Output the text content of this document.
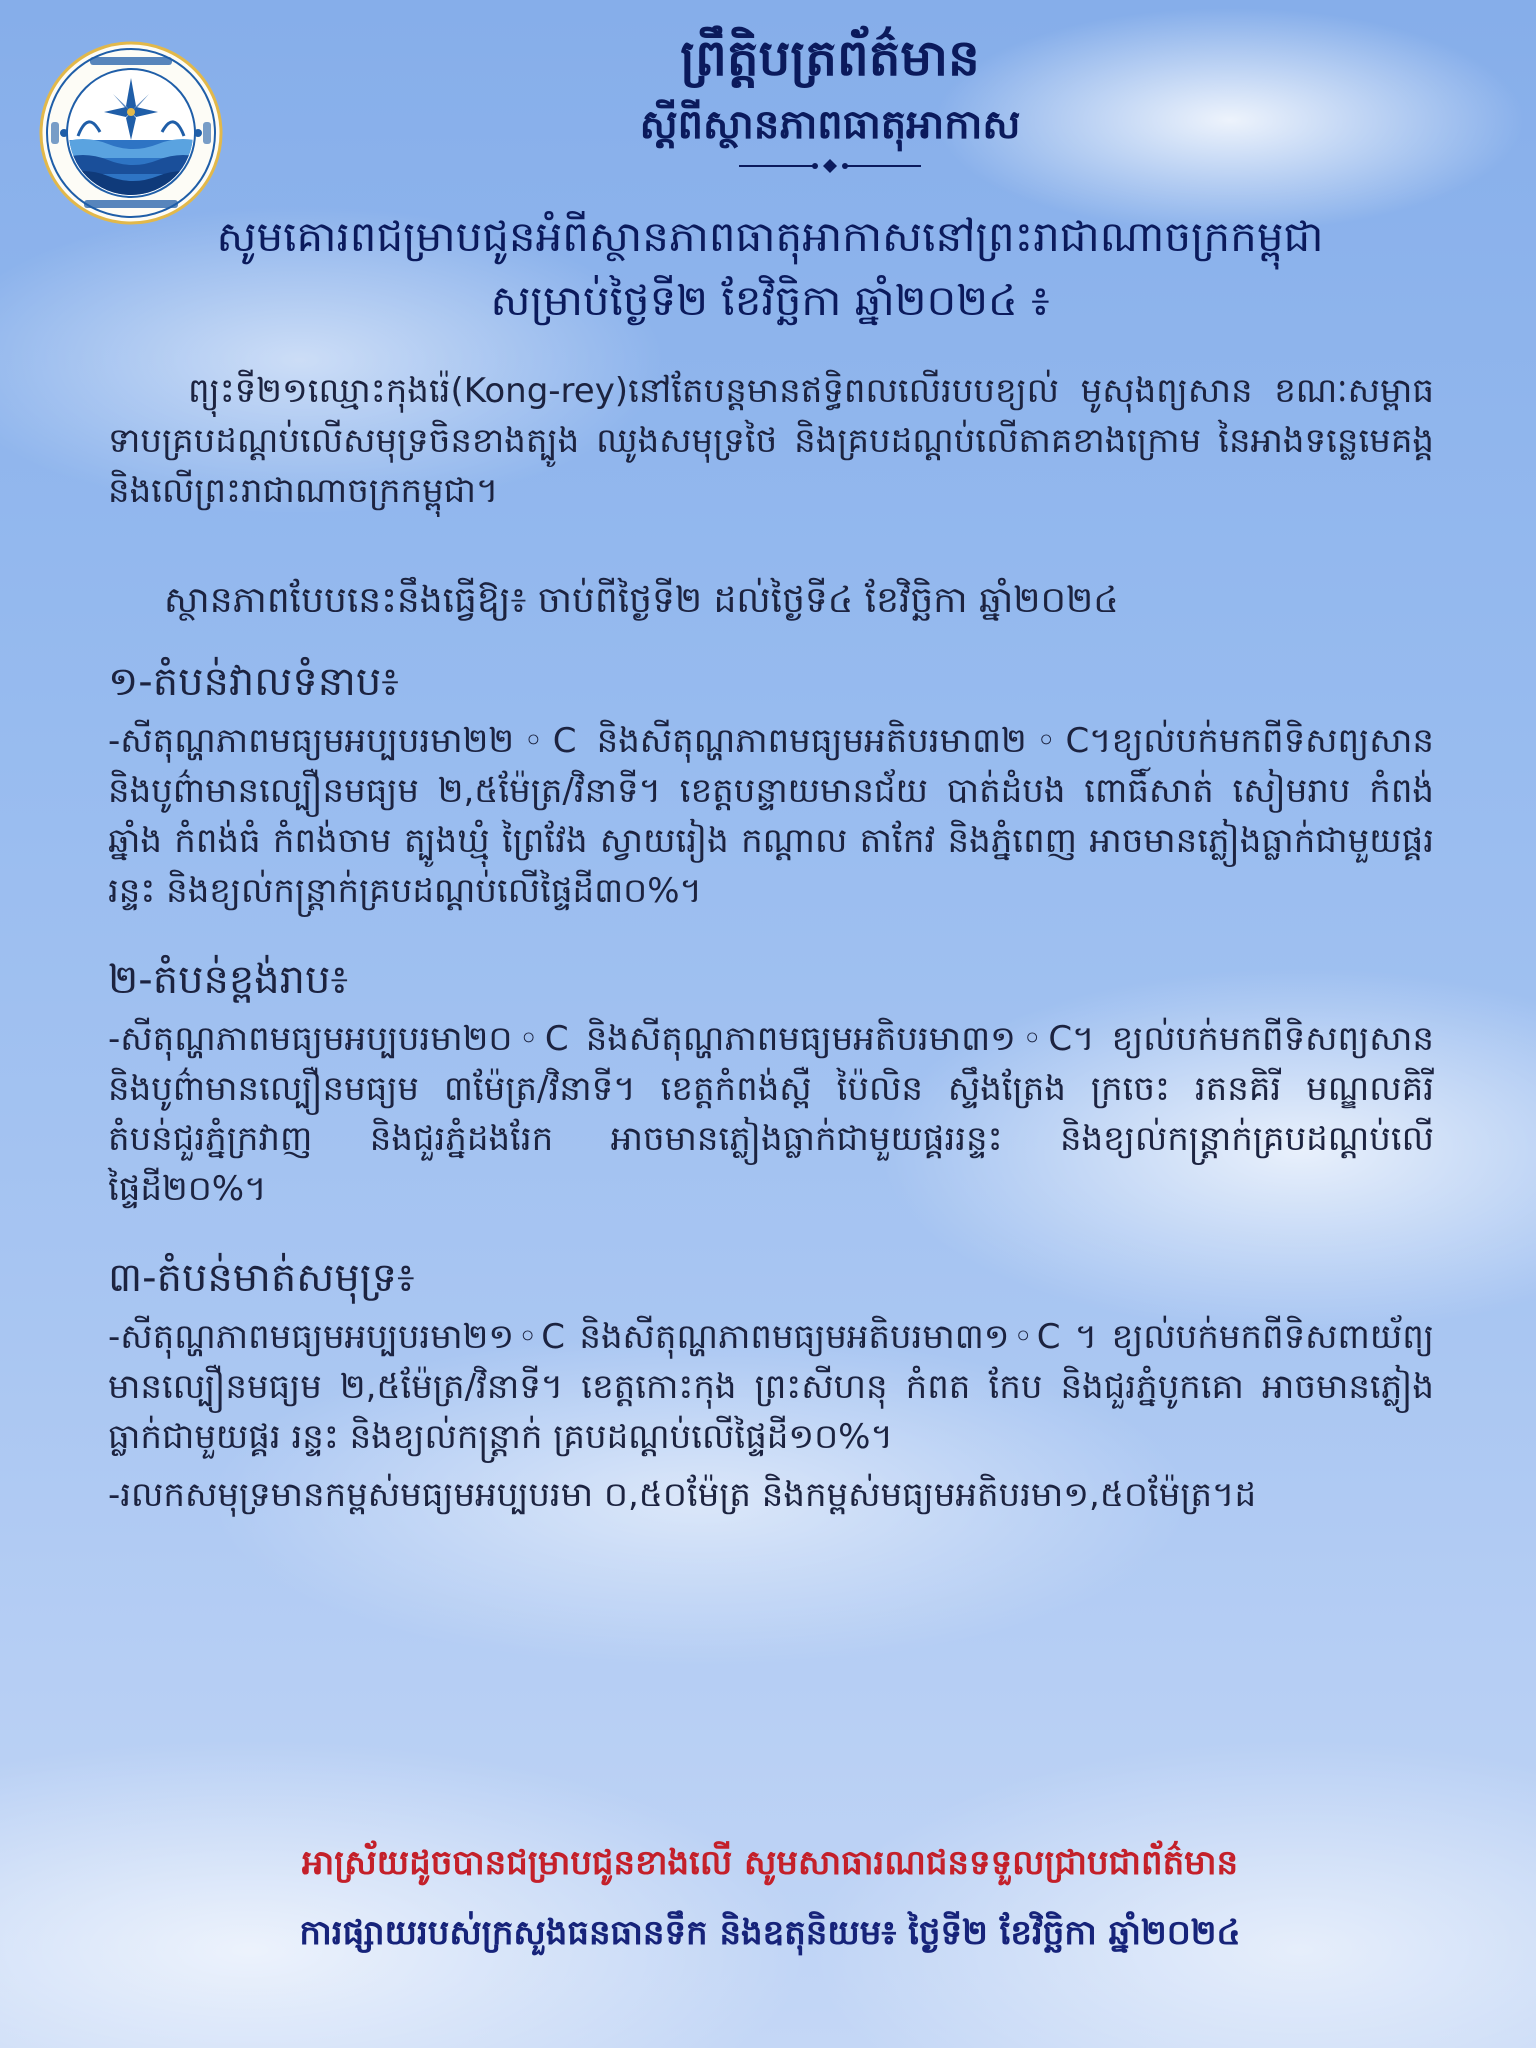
ព្រឹត្តិបត្រព័ត៌មាន
ស្តីពីស្ថានភាពធាតុអាកាស
សូមគោរពជម្រាបជូនអំពីស្ថានភាពធាតុអាកាសនៅព្រះរាជាណាចក្រកម្ពុជា
សម្រាប់ថ្ងៃទី២ ខែវិច្ឆិកា ឆ្នាំ២០២៤ ៖

ព្យុះទី២១ឈ្មោះកុងរ៉េ(Kong-rey)នៅតែបន្តមានឥទ្ធិពលលើរបបខ្យល់ មូសុងព្យសាន ខណៈសម្ពាធទាបគ្របដណ្តប់លើសមុទ្រចិនខាងត្បូង ឈូងសមុទ្រថៃ និងគ្របដណ្តប់លើតាគខាងក្រោម នៃអាងទន្លេមេគង្គ និងលើព្រះរាជាណាចក្រកម្ពុជា។

ស្ថានភាពបែបនេះនឹងធ្វើឱ្យ៖ ចាប់ពីថ្ងៃទី២ ដល់ថ្ងៃទី៤ ខែវិច្ឆិកា ឆ្នាំ២០២៤
១-តំបន់វាលទំនាប៖

-សីតុណ្ហភាពមធ្យមអប្បបរមា២២◦C និងសីតុណ្ហភាពមធ្យមអតិបរមា៣២◦C។ខ្យល់បក់មកពីទិសព្យសាន និងបូព៌ាមានល្បឿនមធ្យម ២,៥ម៉ែត្រ/វិនាទី។ ខេត្តបន្ទាយមានជ័យ បាត់ដំបង ពោធិ៍សាត់ សៀមរាប កំពង់ឆ្នាំង កំពង់ធំ កំពង់ចាម ត្បូងឃ្មុំ ព្រៃវែង ស្វាយរៀង កណ្តាល តាកែវ និងភ្នំពេញ អាចមានភ្លៀងធ្លាក់ជាមួយផ្គររន្ទះ និងខ្យល់កន្ត្រាក់គ្របដណ្តប់លើផ្ទៃដី៣០%។

២-តំបន់ខ្ពង់រាប៖

-សីតុណ្ហភាពមធ្យមអប្បបរមា២០◦C និងសីតុណ្ហភាពមធ្យមអតិបរមា៣១◦C។ ខ្យល់បក់មកពីទិសព្យសាន និងបូព៌ាមានល្បឿនមធ្យម ៣ម៉ែត្រ/វិនាទី។ ខេត្តកំពង់ស្ពឺ ប៉ៃលិន ស្ទឹងត្រែង ក្រចេះ រតនគិរី មណ្ឌលគិរី តំបន់ជួរភ្នំក្រវាញ និងជួរភ្នំដងរែក អាចមានភ្លៀងធ្លាក់ជាមួយផ្គររន្ទះ និងខ្យល់កន្ត្រាក់គ្របដណ្តប់លើផ្ទៃដី២០%។

៣-តំបន់មាត់សមុទ្រ៖

-សីតុណ្ហភាពមធ្យមអប្បបរមា២១◦C និងសីតុណ្ហភាពមធ្យមអតិបរមា៣១◦C ។ ខ្យល់បក់មកពីទិសពាយ័ព្យមានល្បឿនមធ្យម ២,៥ម៉ែត្រ/វិនាទី។ ខេត្តកោះកុង ព្រះសីហនុ កំពត កែប និងជួរភ្នំបូកគោ អាចមានភ្លៀងធ្លាក់ជាមួយផ្គរ រន្ទះ និងខ្យល់កន្ត្រាក់ គ្របដណ្តប់លើផ្ទៃដី១០%។

-រលកសមុទ្រមានកម្ពស់មធ្យមអប្បបរមា ០,៥០ម៉ែត្រ និងកម្ពស់មធ្យមអតិបរមា១,៥០ម៉ែត្រ។ដ

អាស្រ័យដូចបានជម្រាបជូនខាងលើ សូមសាធារណជនទទួលជ្រាបជាព័ត៌មាន
ការផ្សាយរបស់ក្រសួងធនធានទឹក និងឧតុនិយម៖ ថ្ងៃទី២ ខែវិច្ឆិកា ឆ្នាំ២០២៤
